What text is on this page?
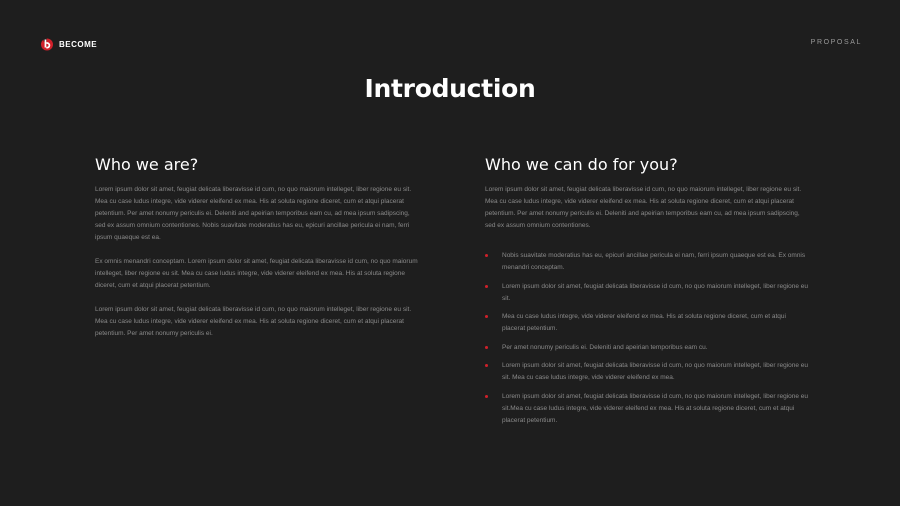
BECOME	PROPOSAL
Introduction
Who we are?

Lorem ipsum dolor sit amet, feugiat delicata liberavisse id cum, no quo maiorum intelleget, liber regione eu sit. Mea cu case ludus integre, vide viderer eleifend ex mea. His at soluta regione diceret, cum et atqui placerat petentium. Per amet nonumy periculis ei. Deleniti and apeirian temporibus eam cu, ad mea ipsum sadipscing, sed ex assum omnium contentiones. Nobis suavitate moderatius has eu, epicuri ancillae pericula ei nam, ferri ipsum quaeque est ea.

Ex omnis menandri conceptam. Lorem ipsum dolor sit amet, feugiat delicata liberavisse id cum, no quo maiorum intelleget, liber regione eu sit. Mea cu case ludus integre, vide viderer eleifend ex mea. His at soluta regione diceret, cum et atqui placerat petentium.

Lorem ipsum dolor sit amet, feugiat delicata liberavisse id cum, no quo maiorum intelleget, liber regione eu sit. Mea cu case ludus integre, vide viderer eleifend ex mea. His at soluta regione diceret, cum et atqui placerat petentium. Per amet nonumy periculis ei.

Who we can do for you?

Lorem ipsum dolor sit amet, feugiat delicata liberavisse id cum, no quo maiorum intelleget, liber regione eu sit. Mea cu case ludus integre, vide viderer eleifend ex mea. His at soluta regione diceret, cum et atqui placerat petentium. Per amet nonumy periculis ei. Deleniti and apeirian temporibus eam cu, ad mea ipsum sadipscing, sed ex assum omnium contentiones.

Nobis suavitate moderatius has eu, epicuri ancillae pericula ei nam, ferri ipsum quaeque est ea. Ex omnis menandri conceptam.
Lorem ipsum dolor sit amet, feugiat delicata liberavisse id cum, no quo maiorum intelleget, liber regione eu sit.
Mea cu case ludus integre, vide viderer eleifend ex mea. His at soluta regione diceret, cum et atqui placerat petentium.
Per amet nonumy periculis ei. Deleniti and apeirian temporibus eam cu.
Lorem ipsum dolor sit amet, feugiat delicata liberavisse id cum, no quo maiorum intelleget, liber regione eu sit. Mea cu case ludus integre, vide viderer eleifend ex mea.
Lorem ipsum dolor sit amet, feugiat delicata liberavisse id cum, no quo maiorum intelleget, liber regione eu sit.Mea cu case ludus integre, vide viderer eleifend ex mea. His at soluta regione diceret, cum et atqui placerat petentium.
